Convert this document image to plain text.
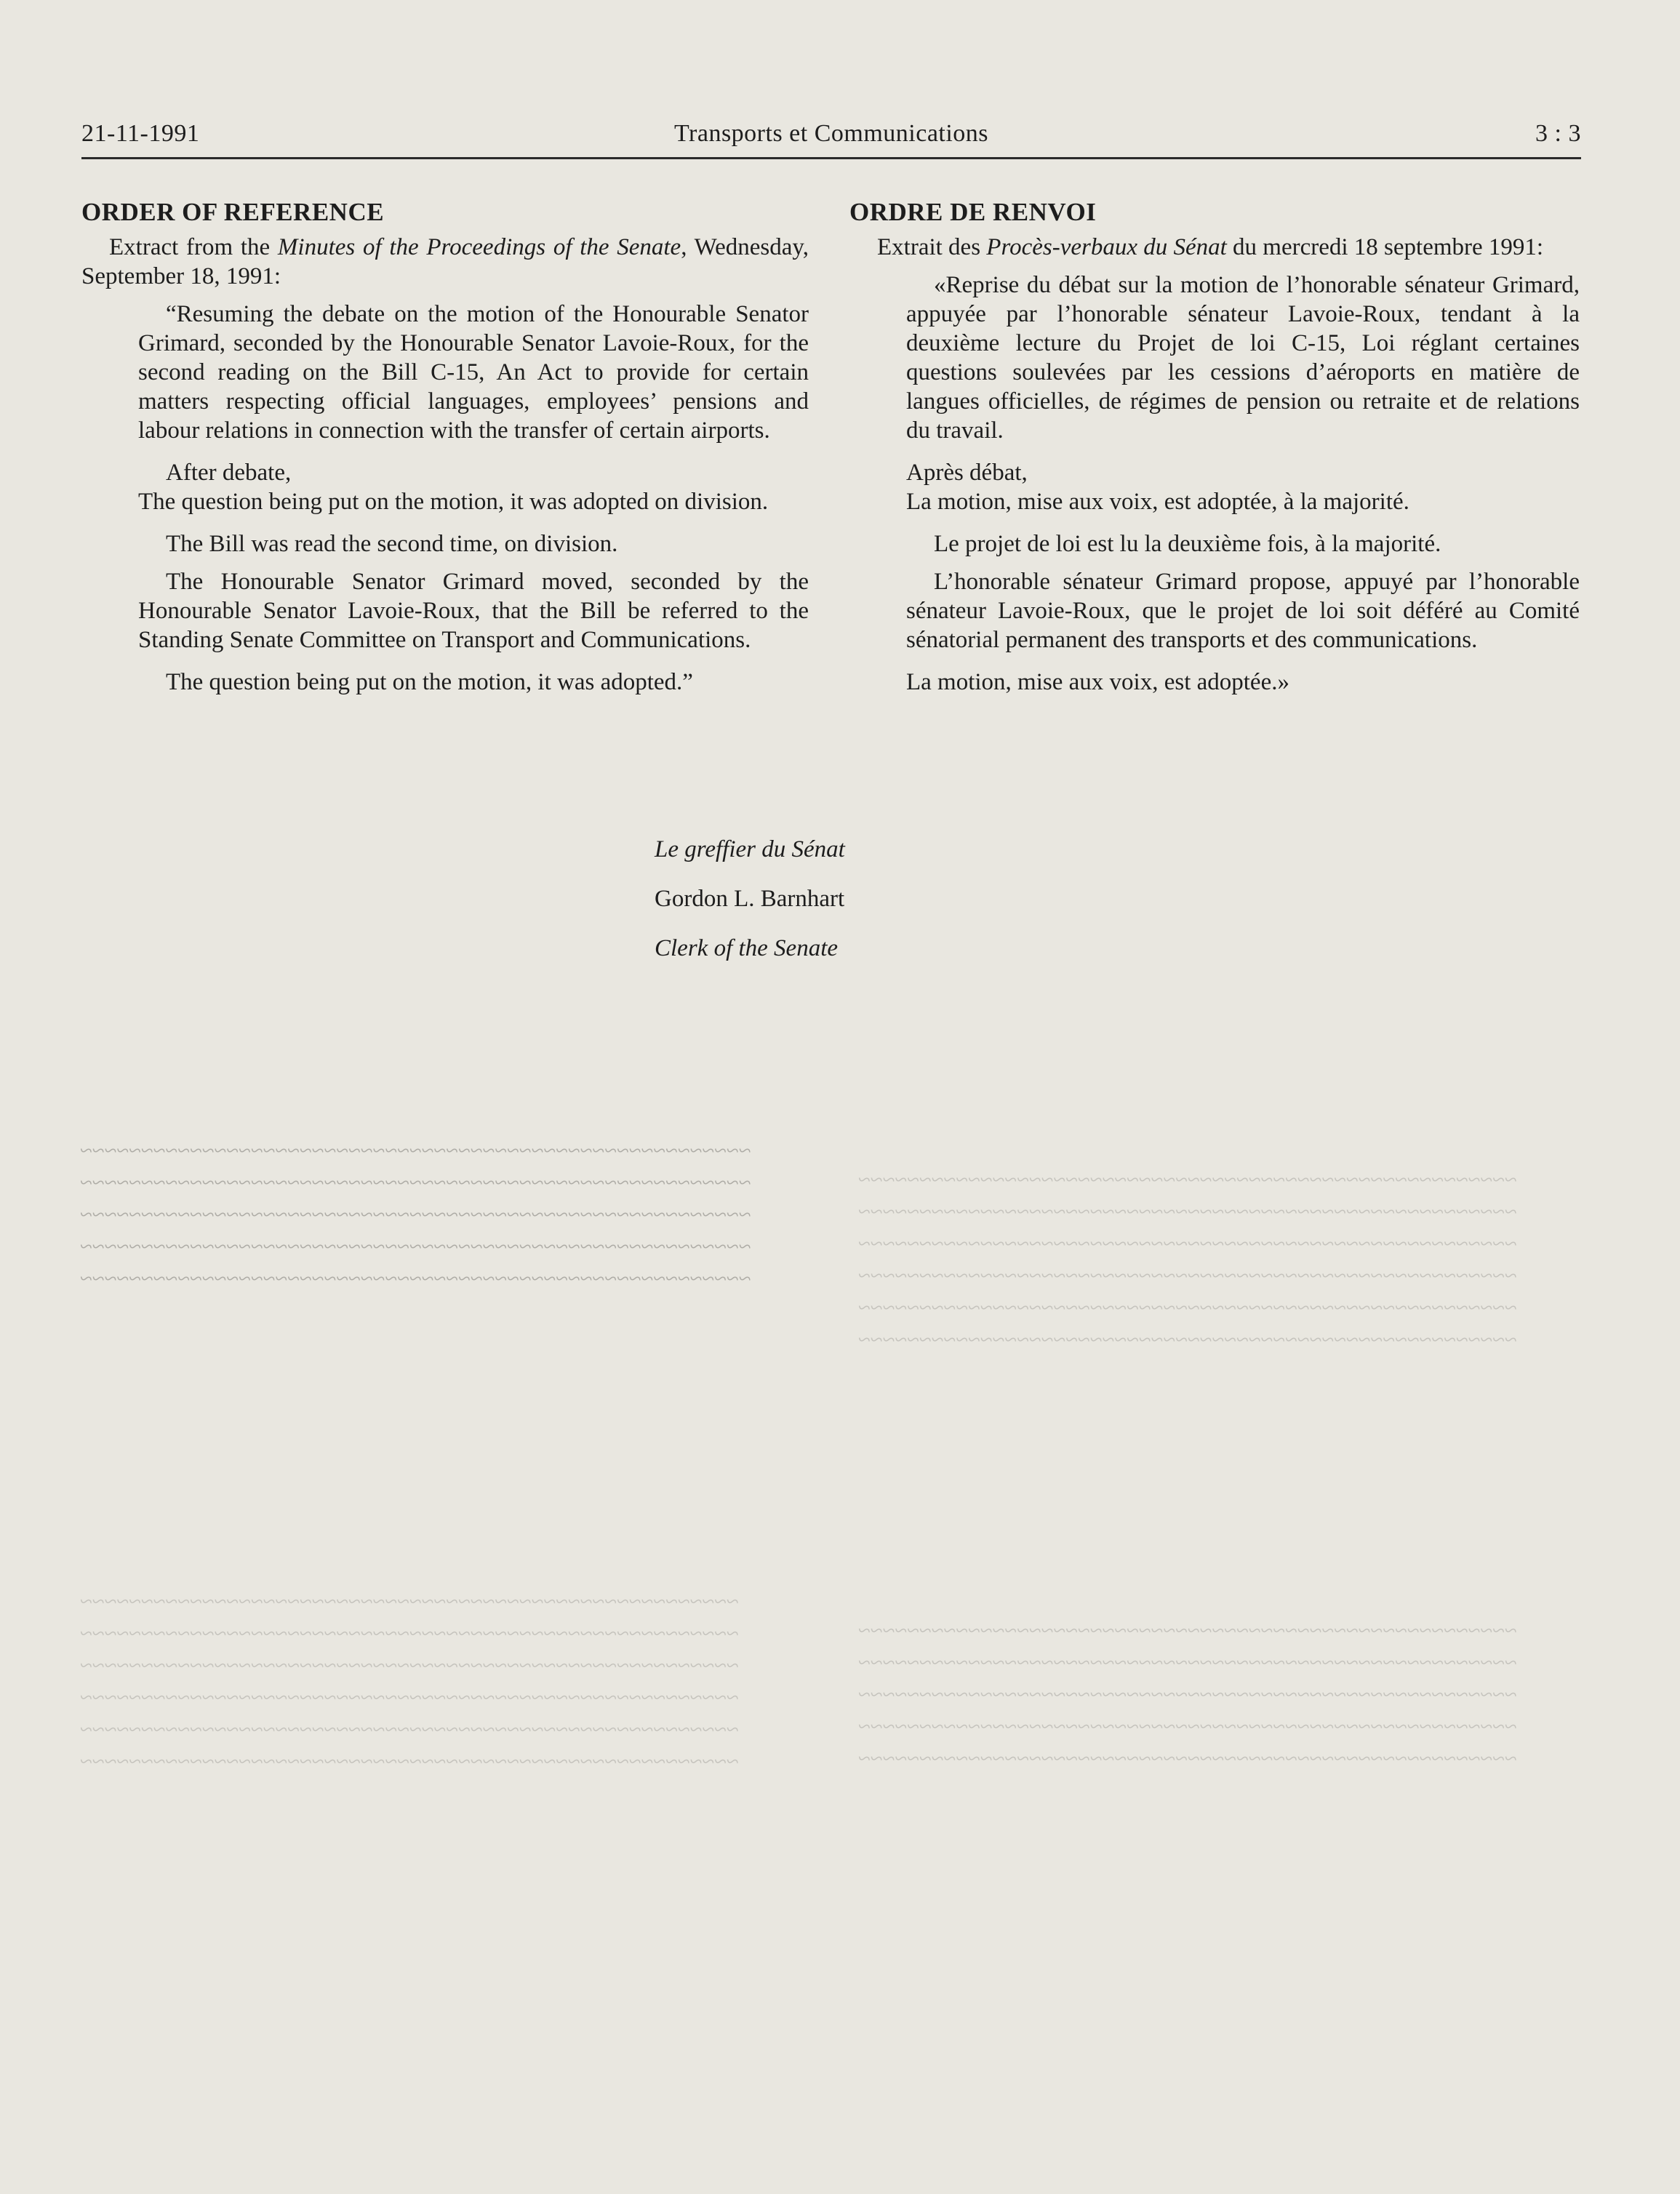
~~~~~~~~~~~~~~~~~~~~~~~~~~~~~~~~~~~~~~~~~~~~~~~~~~~~~~
~~~~~~~~~~~~~~~~~~~~~~~~~~~~~~~~~~~~~~~~~~~~~~~~~~~~~~
~~~~~~~~~~~~~~~~~~~~~~~~~~~~~~~~~~~~~~~~~~~~~~~~~~~~~~
~~~~~~~~~~~~~~~~~~~~~~~~~~~~~~~~~~~~~~~~~~~~~~~~~~~~~~
~~~~~~~~~~~~~~~~~~~~~~~~~~~~~~~~~~~~~~~~~~~~~~~~~~~~~~
~~~~~~~~~~~~~~~~~~~~~~~~~~~~~~~~~~~~~~~~~~~~~~~~~~~~~~
~~~~~~~~~~~~~~~~~~~~~~~~~~~~~~~~~~~~~~~~~~~~~~~~~~~~~~~
~~~~~~~~~~~~~~~~~~~~~~~~~~~~~~~~~~~~~~~~~~~~~~~~~~~~~~~
~~~~~~~~~~~~~~~~~~~~~~~~~~~~~~~~~~~~~~~~~~~~~~~~~~~~~~~
~~~~~~~~~~~~~~~~~~~~~~~~~~~~~~~~~~~~~~~~~~~~~~~~~~~~~~~
~~~~~~~~~~~~~~~~~~~~~~~~~~~~~~~~~~~~~~~~~~~~~~~~~~~~~~~
~~~~~~~~~~~~~~~~~~~~~~~~~~~~~~~~~~~~~~~~~~~~~~~~~~~~~~
~~~~~~~~~~~~~~~~~~~~~~~~~~~~~~~~~~~~~~~~~~~~~~~~~~~~~~
~~~~~~~~~~~~~~~~~~~~~~~~~~~~~~~~~~~~~~~~~~~~~~~~~~~~~~
~~~~~~~~~~~~~~~~~~~~~~~~~~~~~~~~~~~~~~~~~~~~~~~~~~~~~~
~~~~~~~~~~~~~~~~~~~~~~~~~~~~~~~~~~~~~~~~~~~~~~~~~~~~~~
~~~~~~~~~~~~~~~~~~~~~~~~~~~~~~~~~~~~~~~~~~~~~~~~~~~~~~
~~~~~~~~~~~~~~~~~~~~~~~~~~~~~~~~~~~~~~~~~~~~~~~~~~~~~~
~~~~~~~~~~~~~~~~~~~~~~~~~~~~~~~~~~~~~~~~~~~~~~~~~~~~~~
~~~~~~~~~~~~~~~~~~~~~~~~~~~~~~~~~~~~~~~~~~~~~~~~~~~~~~
~~~~~~~~~~~~~~~~~~~~~~~~~~~~~~~~~~~~~~~~~~~~~~~~~~~~~~
~~~~~~~~~~~~~~~~~~~~~~~~~~~~~~~~~~~~~~~~~~~~~~~~~~~~~~
21-11-1991	Transports et Communications	3 : 3
ORDER OF REFERENCE

Extract from the Minutes of the Proceedings of the Senate, Wednesday, September 18, 1991:

“Resuming the debate on the motion of the Honourable Senator Grimard, seconded by the Honourable Senator Lavoie-Roux, for the second reading on the Bill C-15, An Act to provide for certain matters respecting official languages, employees’ pensions and labour relations in connection with the transfer of certain airports.

After debate,

The question being put on the motion, it was adopted on division.

The Bill was read the second time, on division.

The Honourable Senator Grimard moved, seconded by the Honourable Senator Lavoie-Roux, that the Bill be referred to the Standing Senate Committee on Transport and Communications.

The question being put on the motion, it was adopted.”

ORDRE DE RENVOI

Extrait des Procès-verbaux du Sénat du mercredi 18 septembre 1991:

«Reprise du débat sur la motion de l’honorable sénateur Grimard, appuyée par l’honorable sénateur Lavoie-Roux, tendant à la deuxième lecture du Projet de loi C-15, Loi réglant certaines questions soulevées par les cessions d’aéroports en matière de langues officielles, de régimes de pension ou retraite et de relations du travail.

Après débat,

La motion, mise aux voix, est adoptée, à la majorité.

Le projet de loi est lu la deuxième fois, à la majorité.

L’honorable sénateur Grimard propose, appuyé par l’honorable sénateur Lavoie-Roux, que le projet de loi soit déféré au Comité sénatorial permanent des transports et des communications.

La motion, mise aux voix, est adoptée.»

Le greffier du Sénat
Gordon L. Barnhart
Clerk of the Senate
